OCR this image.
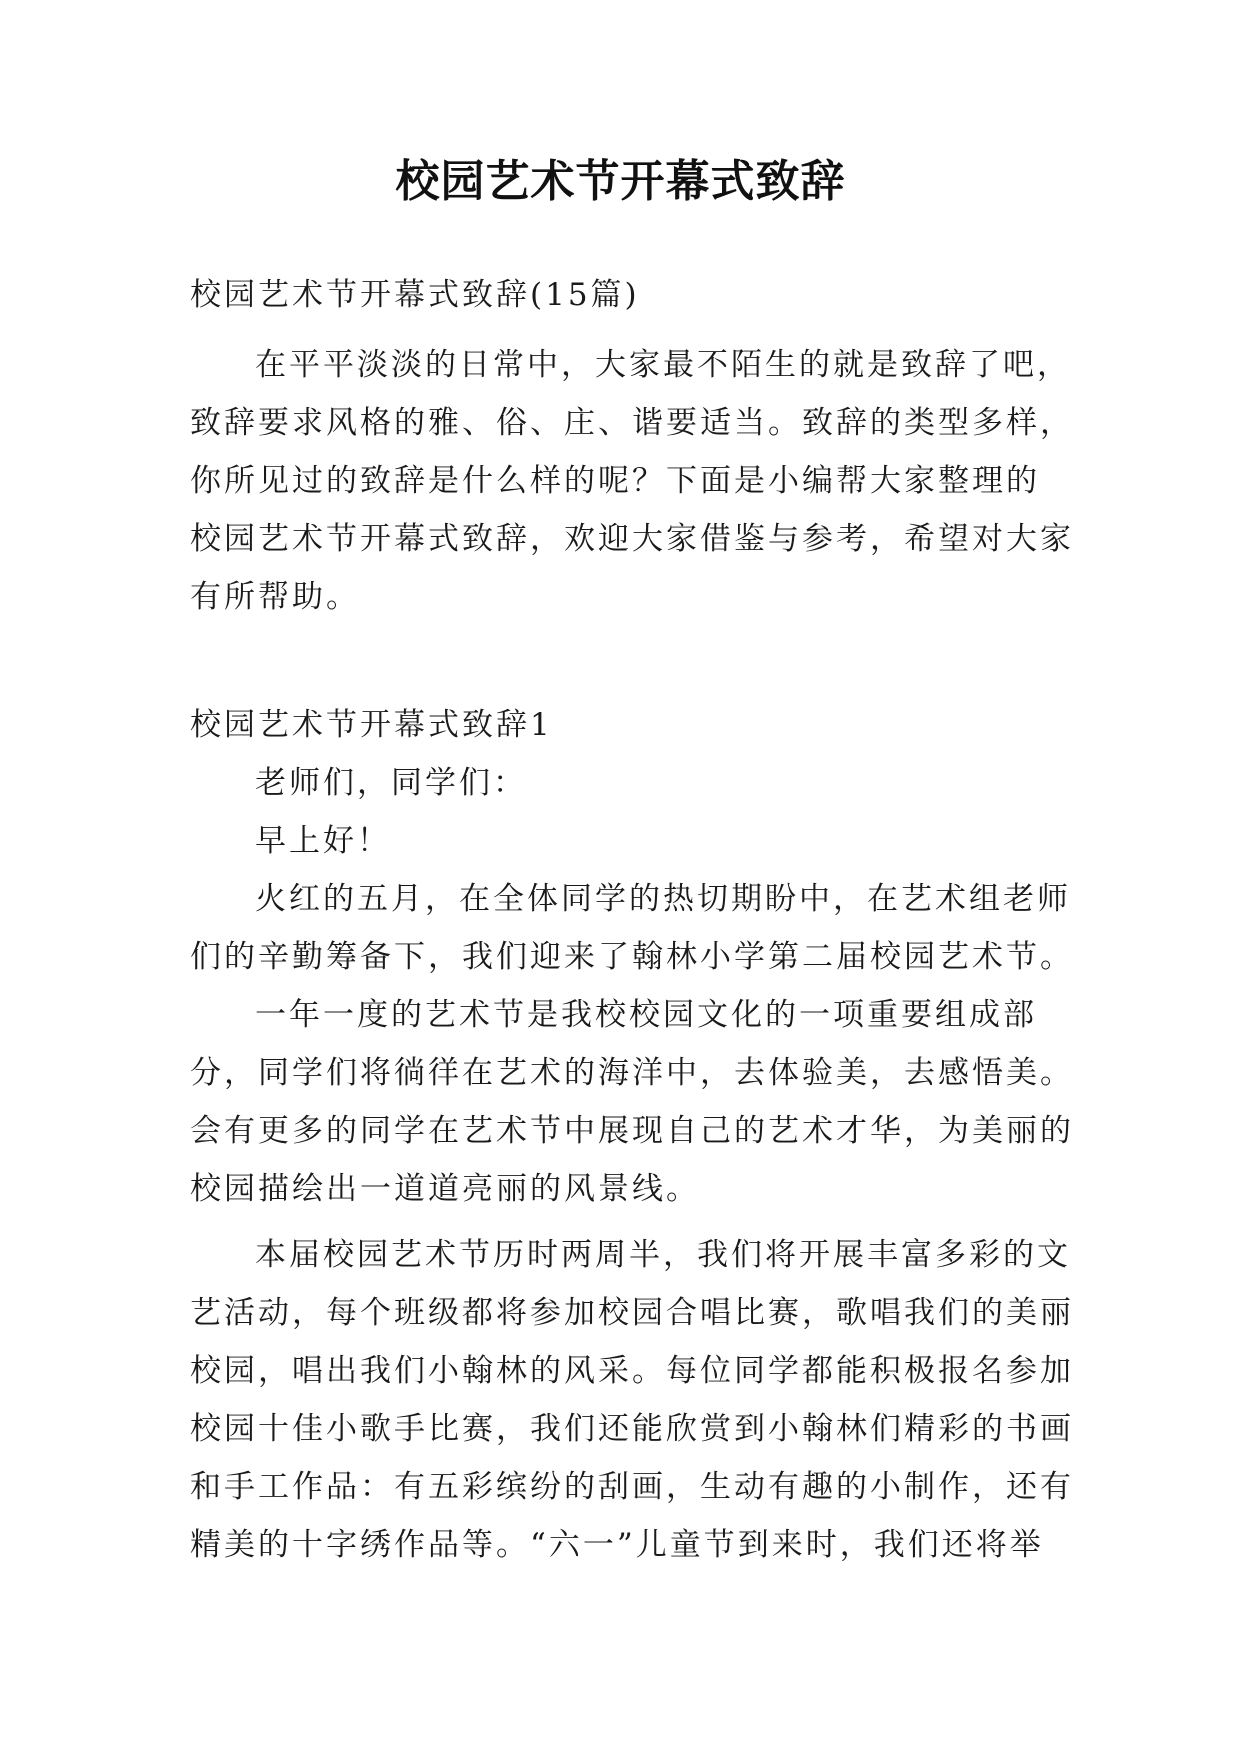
校园艺术节开幕式致辞
校园艺术节开幕式致辞(15篇)
在平平淡淡的日常中，大家最不陌生的就是致辞了吧，
致辞要求风格的雅、俗、庄、谐要适当。致辞的类型多样，
你所见过的致辞是什么样的呢？下面是小编帮大家整理的
校园艺术节开幕式致辞，欢迎大家借鉴与参考，希望对大家
有所帮助。
校园艺术节开幕式致辞1
老师们，同学们：
早上好！
火红的五月，在全体同学的热切期盼中，在艺术组老师
们的辛勤筹备下，我们迎来了翰林小学第二届校园艺术节。
一年一度的艺术节是我校校园文化的一项重要组成部
分，同学们将徜徉在艺术的海洋中，去体验美，去感悟美。
会有更多的同学在艺术节中展现自己的艺术才华，为美丽的
校园描绘出一道道亮丽的风景线。
本届校园艺术节历时两周半，我们将开展丰富多彩的文
艺活动，每个班级都将参加校园合唱比赛，歌唱我们的美丽
校园，唱出我们小翰林的风采。每位同学都能积极报名参加
校园十佳小歌手比赛，我们还能欣赏到小翰林们精彩的书画
和手工作品：有五彩缤纷的刮画，生动有趣的小制作，还有
精美的十字绣作品等。“六一”儿童节到来时，我们还将举
